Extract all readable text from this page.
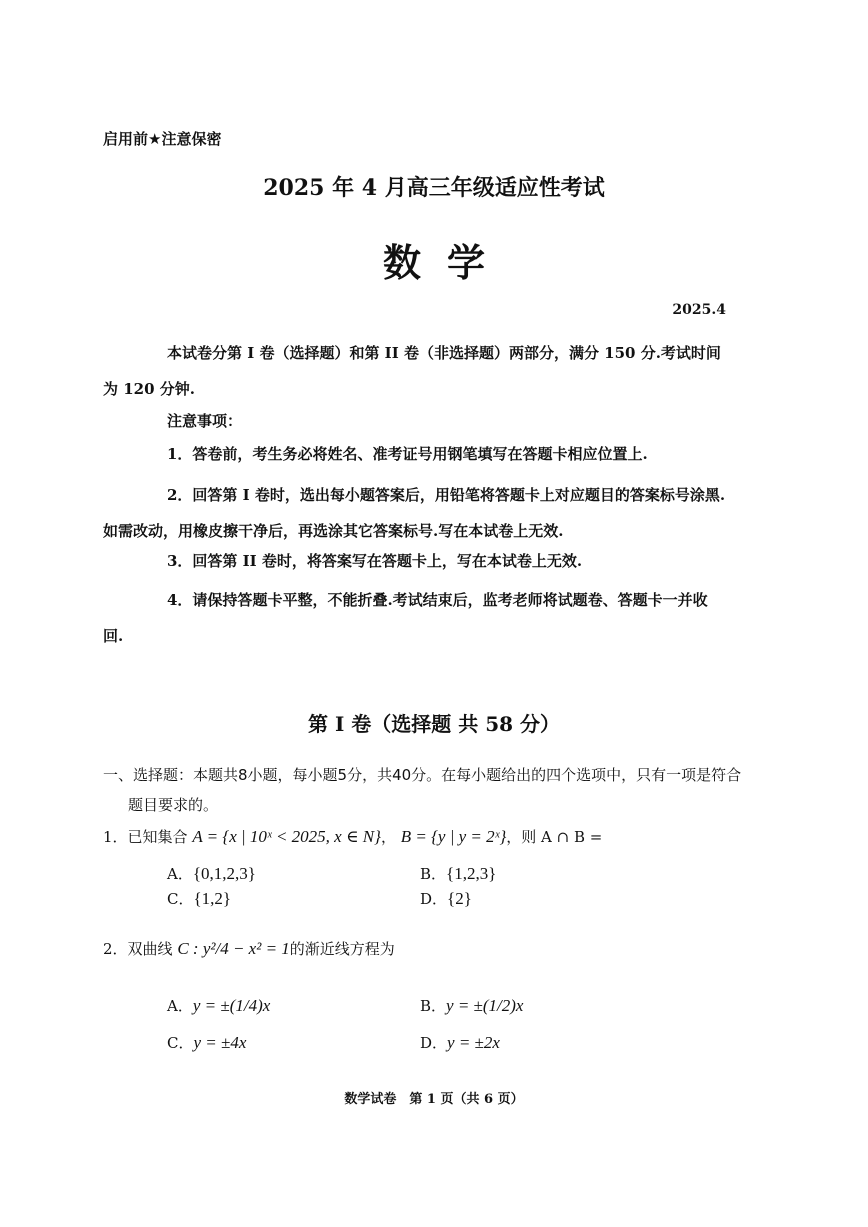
启用前★注意保密
2025 年 4 月高三年级适应性考试
数学
2025.4
本试卷分第 I 卷（选择题）和第 II 卷（非选择题）两部分，满分 150 分.考试时间为 120 分钟.
注意事项：
1．答卷前，考生务必将姓名、准考证号用钢笔填写在答题卡相应位置上.
2．回答第 I 卷时，选出每小题答案后，用铅笔将答题卡上对应题目的答案标号涂黑.如需改动，用橡皮擦干净后，再选涂其它答案标号.写在本试卷上无效.
3．回答第 II 卷时，将答案写在答题卡上，写在本试卷上无效.
4．请保持答题卡平整，不能折叠.考试结束后，监考老师将试题卷、答题卡一并收回.
第 I 卷（选择题 共 58 分）
一、选择题：本题共8小题，每小题5分，共40分。在每小题给出的四个选项中，只有一项是符合题目要求的。
1．已知集合 A = {x | 10ˣ < 2025, x ∈ N}， B = {y | y = 2ˣ}，则 A ∩ B =
A．{0,1,2,3}	B．{1,2,3}
C．{1,2}	D．{2}
2．双曲线 C : y²/4 − x² = 1的渐近线方程为
A．y = ±(1/4)x	B．y = ±(1/2)x
C．y = ±4x	D．y = ±2x
数学试卷　第 1 页（共 6 页）
